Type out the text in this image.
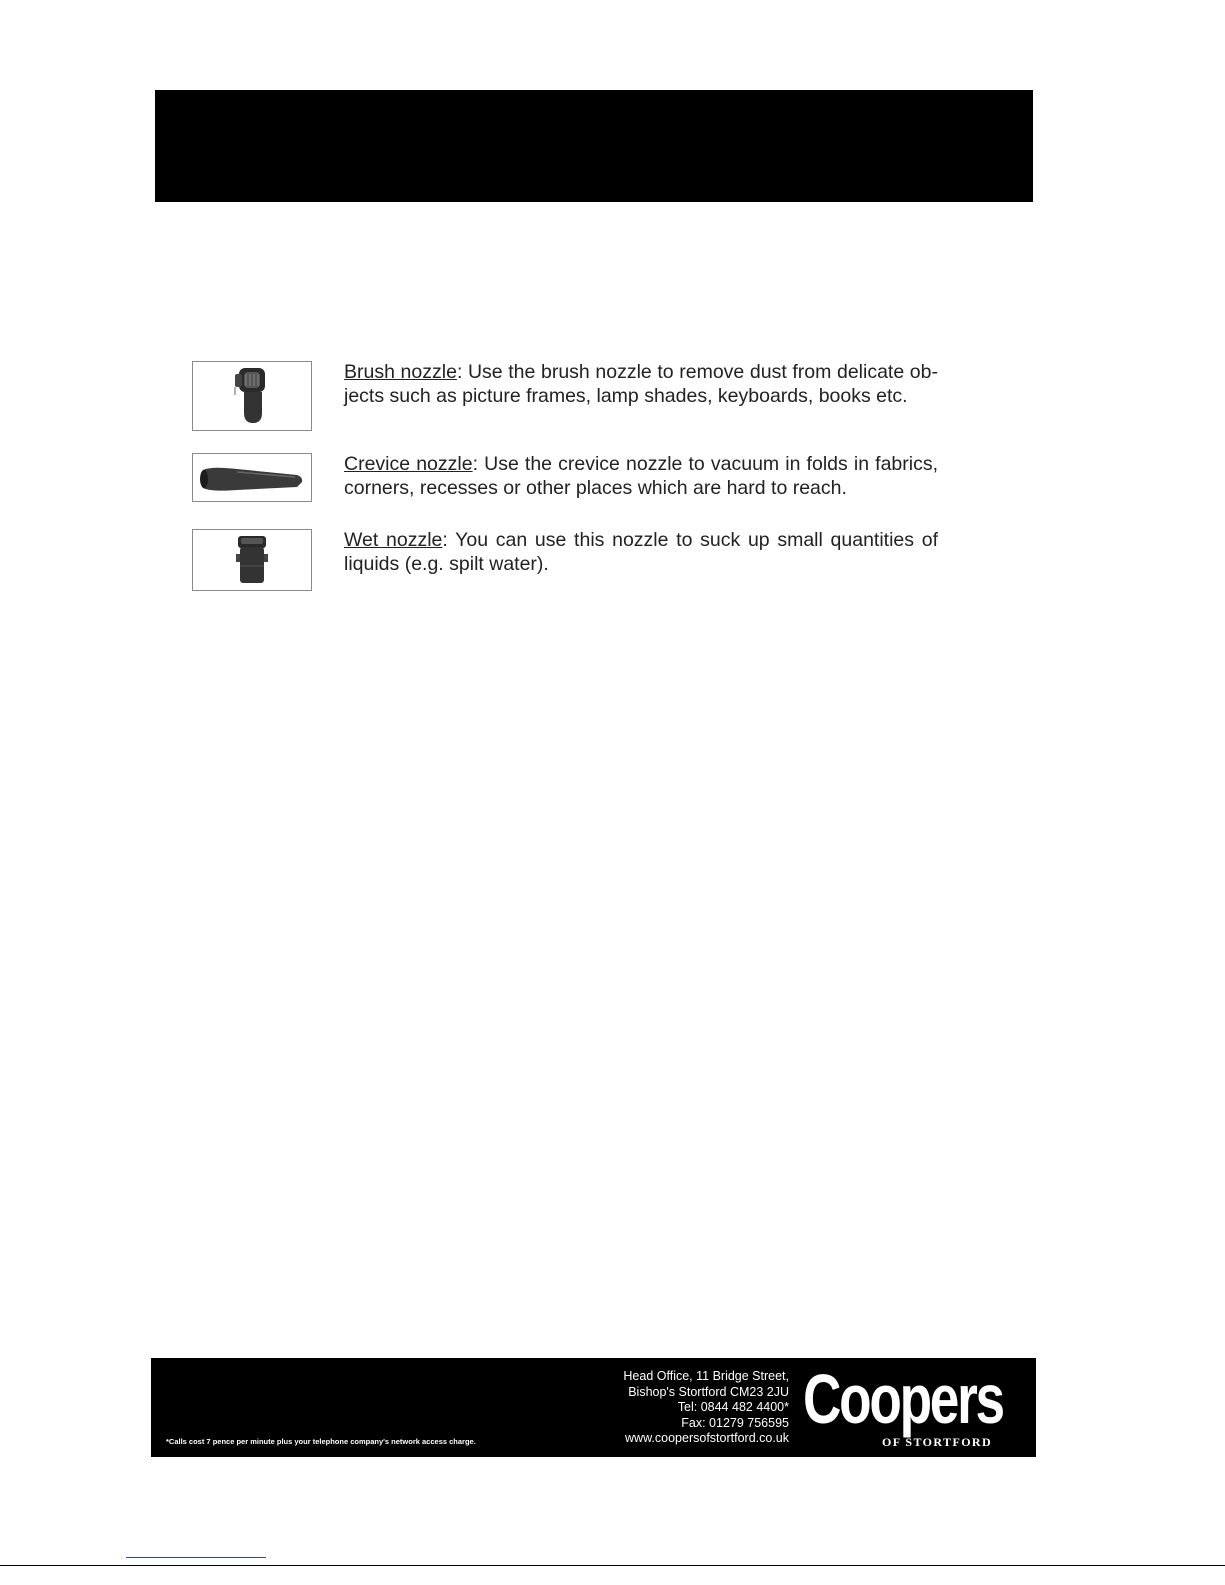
Brush nozzle: Use the brush nozzle to remove dust from delicate ob-jects such as picture frames, lamp shades, keyboards, books etc.
Crevice nozzle: Use the crevice nozzle to vacuum in folds in fabrics, corners, recesses or other places which are hard to reach.
Wet nozzle: You can use this nozzle to suck up small quantities of liquids (e.g. spilt water).
*Calls cost 7 pence per minute plus your telephone company's network access charge.
Head Office, 11 Bridge Street,
Bishop's Stortford CM23 2JU
Tel: 0844 482 4400*
Fax: 01279 756595
www.coopersofstortford.co.uk Coopers
OF STORTFORD
